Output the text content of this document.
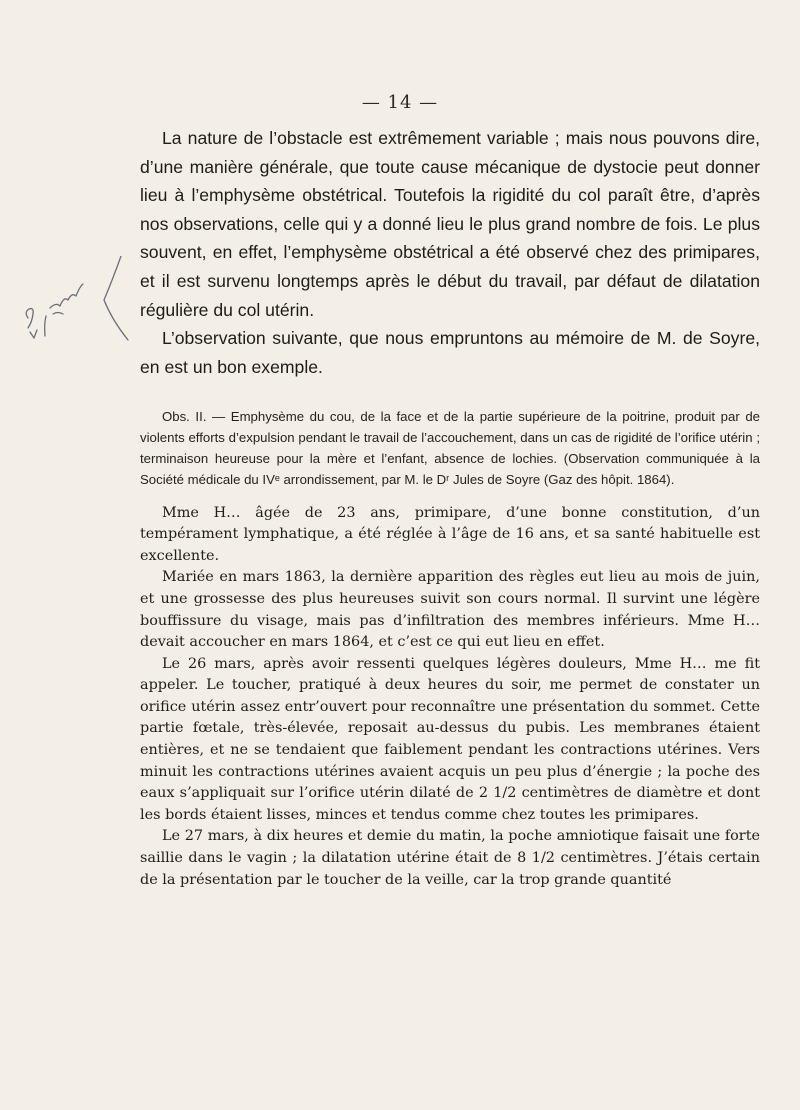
— 14 —

La nature de l’obstacle est extrêmement variable ; mais nous pouvons dire, d’une manière générale, que toute cause mécanique de dystocie peut donner lieu à l’emphysème obstétrical. Toutefois la rigidité du col paraît être, d’après nos observations, celle qui y a donné lieu le plus grand nombre de fois. Le plus souvent, en effet, l’emphysème obstétrical a été observé chez des primipares, et il est survenu longtemps après le début du travail, par défaut de dilatation régulière du col utérin.

L’observation suivante, que nous empruntons au mémoire de M. de Soyre, en est un bon exemple.

Obs. II. — Emphysème du cou, de la face et de la partie supérieure de la poitrine, produit par de violents efforts d’expulsion pendant le travail de l’accouchement, dans un cas de rigidité de l’orifice utérin ; terminaison heureuse pour la mère et l’enfant, absence de lochies. (Observation communiquée à la Société médicale du IVᵉ arrondissement, par M. le Dʳ Jules de Soyre (Gaz des hôpit. 1864).

Mme H… âgée de 23 ans, primipare, d’une bonne constitution, d’un tempérament lymphatique, a été réglée à l’âge de 16 ans, et sa santé habituelle est excellente.

Mariée en mars 1863, la dernière apparition des règles eut lieu au mois de juin, et une grossesse des plus heureuses suivit son cours normal. Il survint une légère bouffissure du visage, mais pas d’infiltration des membres inférieurs. Mme H… devait accoucher en mars 1864, et c’est ce qui eut lieu en effet.

Le 26 mars, après avoir ressenti quelques légères douleurs, Mme H… me fit appeler. Le toucher, pratiqué à deux heures du soir, me permet de constater un orifice utérin assez entr’ouvert pour reconnaître une présentation du sommet. Cette partie fœtale, très-élevée, reposait au-dessus du pubis. Les membranes étaient entières, et ne se tendaient que faiblement pendant les contractions utérines. Vers minuit les contractions utérines avaient acquis un peu plus d’énergie ; la poche des eaux s’appliquait sur l’orifice utérin dilaté de 2 1/2 centimètres de diamètre et dont les bords étaient lisses, minces et tendus comme chez toutes les primipares.

Le 27 mars, à dix heures et demie du matin, la poche amniotique faisait une forte saillie dans le vagin ; la dilatation utérine était de 8 1/2 centimètres. J’étais certain de la présentation par le toucher de la veille, car la trop grande quantité
